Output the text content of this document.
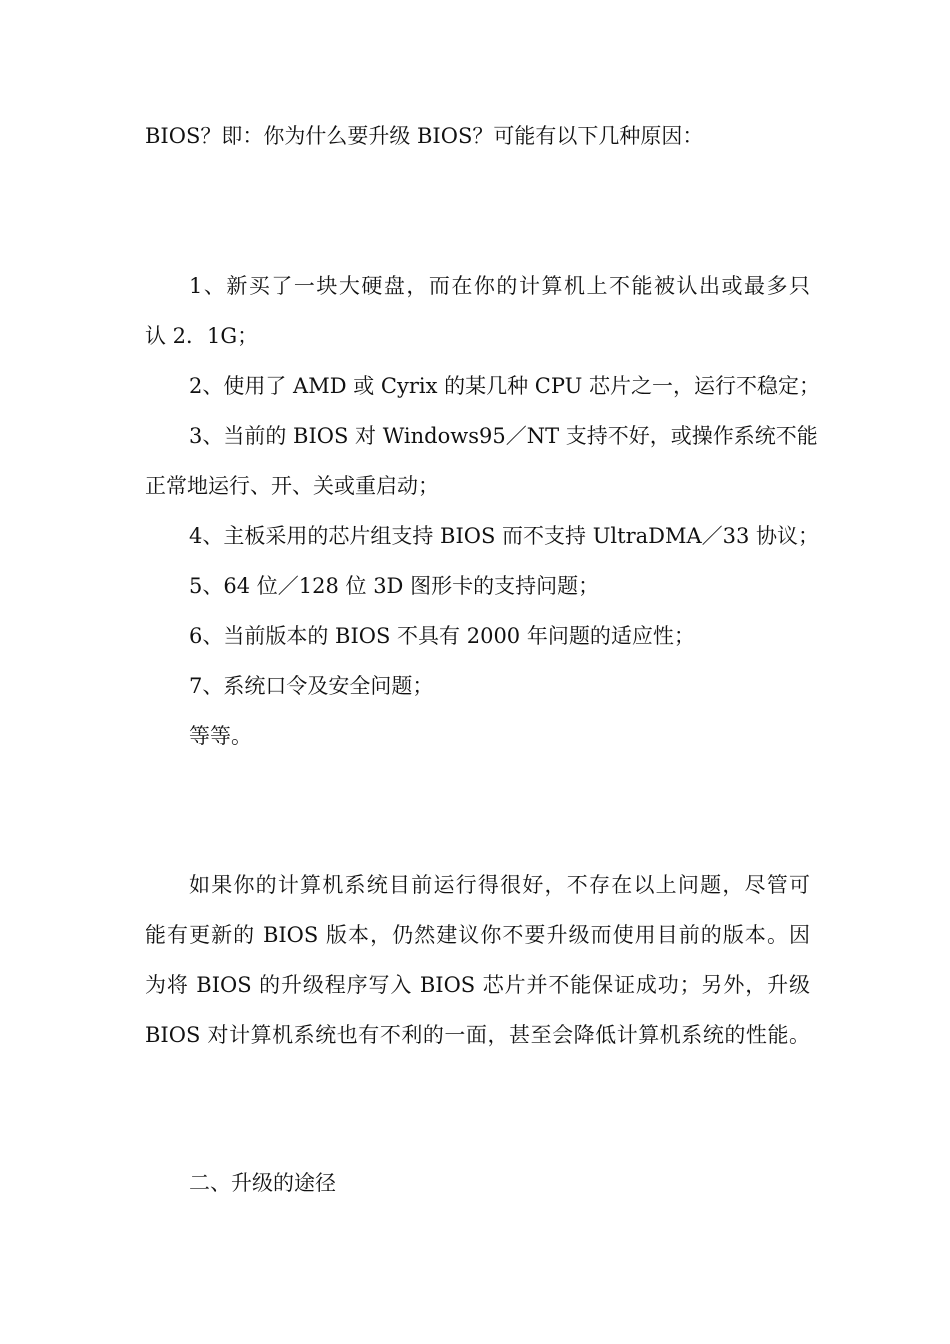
BIOS？即：你为什么要升级 BIOS？可能有以下几种原因：
1、新买了一块大硬盘，而在你的计算机上不能被认出或最多只
认 2．1G；
2、使用了 AMD 或 Cyrix 的某几种 CPU 芯片之一，运行不稳定；
3、当前的 BIOS 对 Windows95／NT 支持不好，或操作系统不能
正常地运行、开、关或重启动；
4、主板采用的芯片组支持 BIOS 而不支持 UltraDMA／33 协议；
5、64 位／128 位 3D 图形卡的支持问题；
6、当前版本的 BIOS 不具有 2000 年问题的适应性；
7、系统口令及安全问题；
等等。
如果你的计算机系统目前运行得很好，不存在以上问题，尽管可
能有更新的 BIOS 版本，仍然建议你不要升级而使用目前的版本。因
为将 BIOS 的升级程序写入 BIOS 芯片并不能保证成功；另外，升级
BIOS 对计算机系统也有不利的一面，甚至会降低计算机系统的性能。
二、升级的途径
